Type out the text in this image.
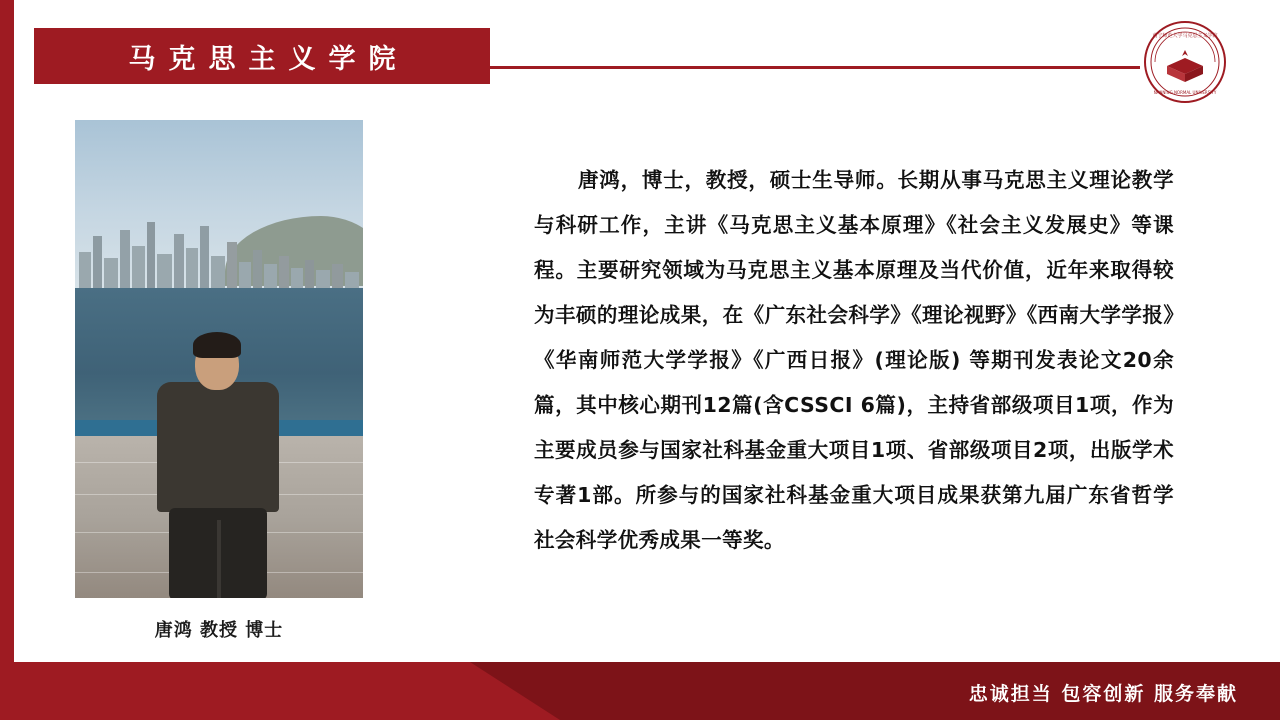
马克思主义学院
南宁师范大学马克思主义学院
NANNING NORMAL UNIVERSITY
唐鸿 教授 博士
唐鸿，博士，教授，硕士生导师。长期从事马克思主义理论教学与科研工作，主讲《马克思主义基本原理》《社会主义发展史》等课程。主要研究领域为马克思主义基本原理及当代价值，近年来取得较为丰硕的理论成果，在《广东社会科学》《理论视野》《西南大学学报》《华南师范大学学报》《广西日报》(理论版) 等期刊发表论文20余篇，其中核心期刊12篇(含CSSCI 6篇)，主持省部级项目1项，作为主要成员参与国家社科基金重大项目1项、省部级项目2项，出版学术专著1部。所参与的国家社科基金重大项目成果获第九届广东省哲学社会科学优秀成果一等奖。
忠诚担当 包容创新 服务奉献
